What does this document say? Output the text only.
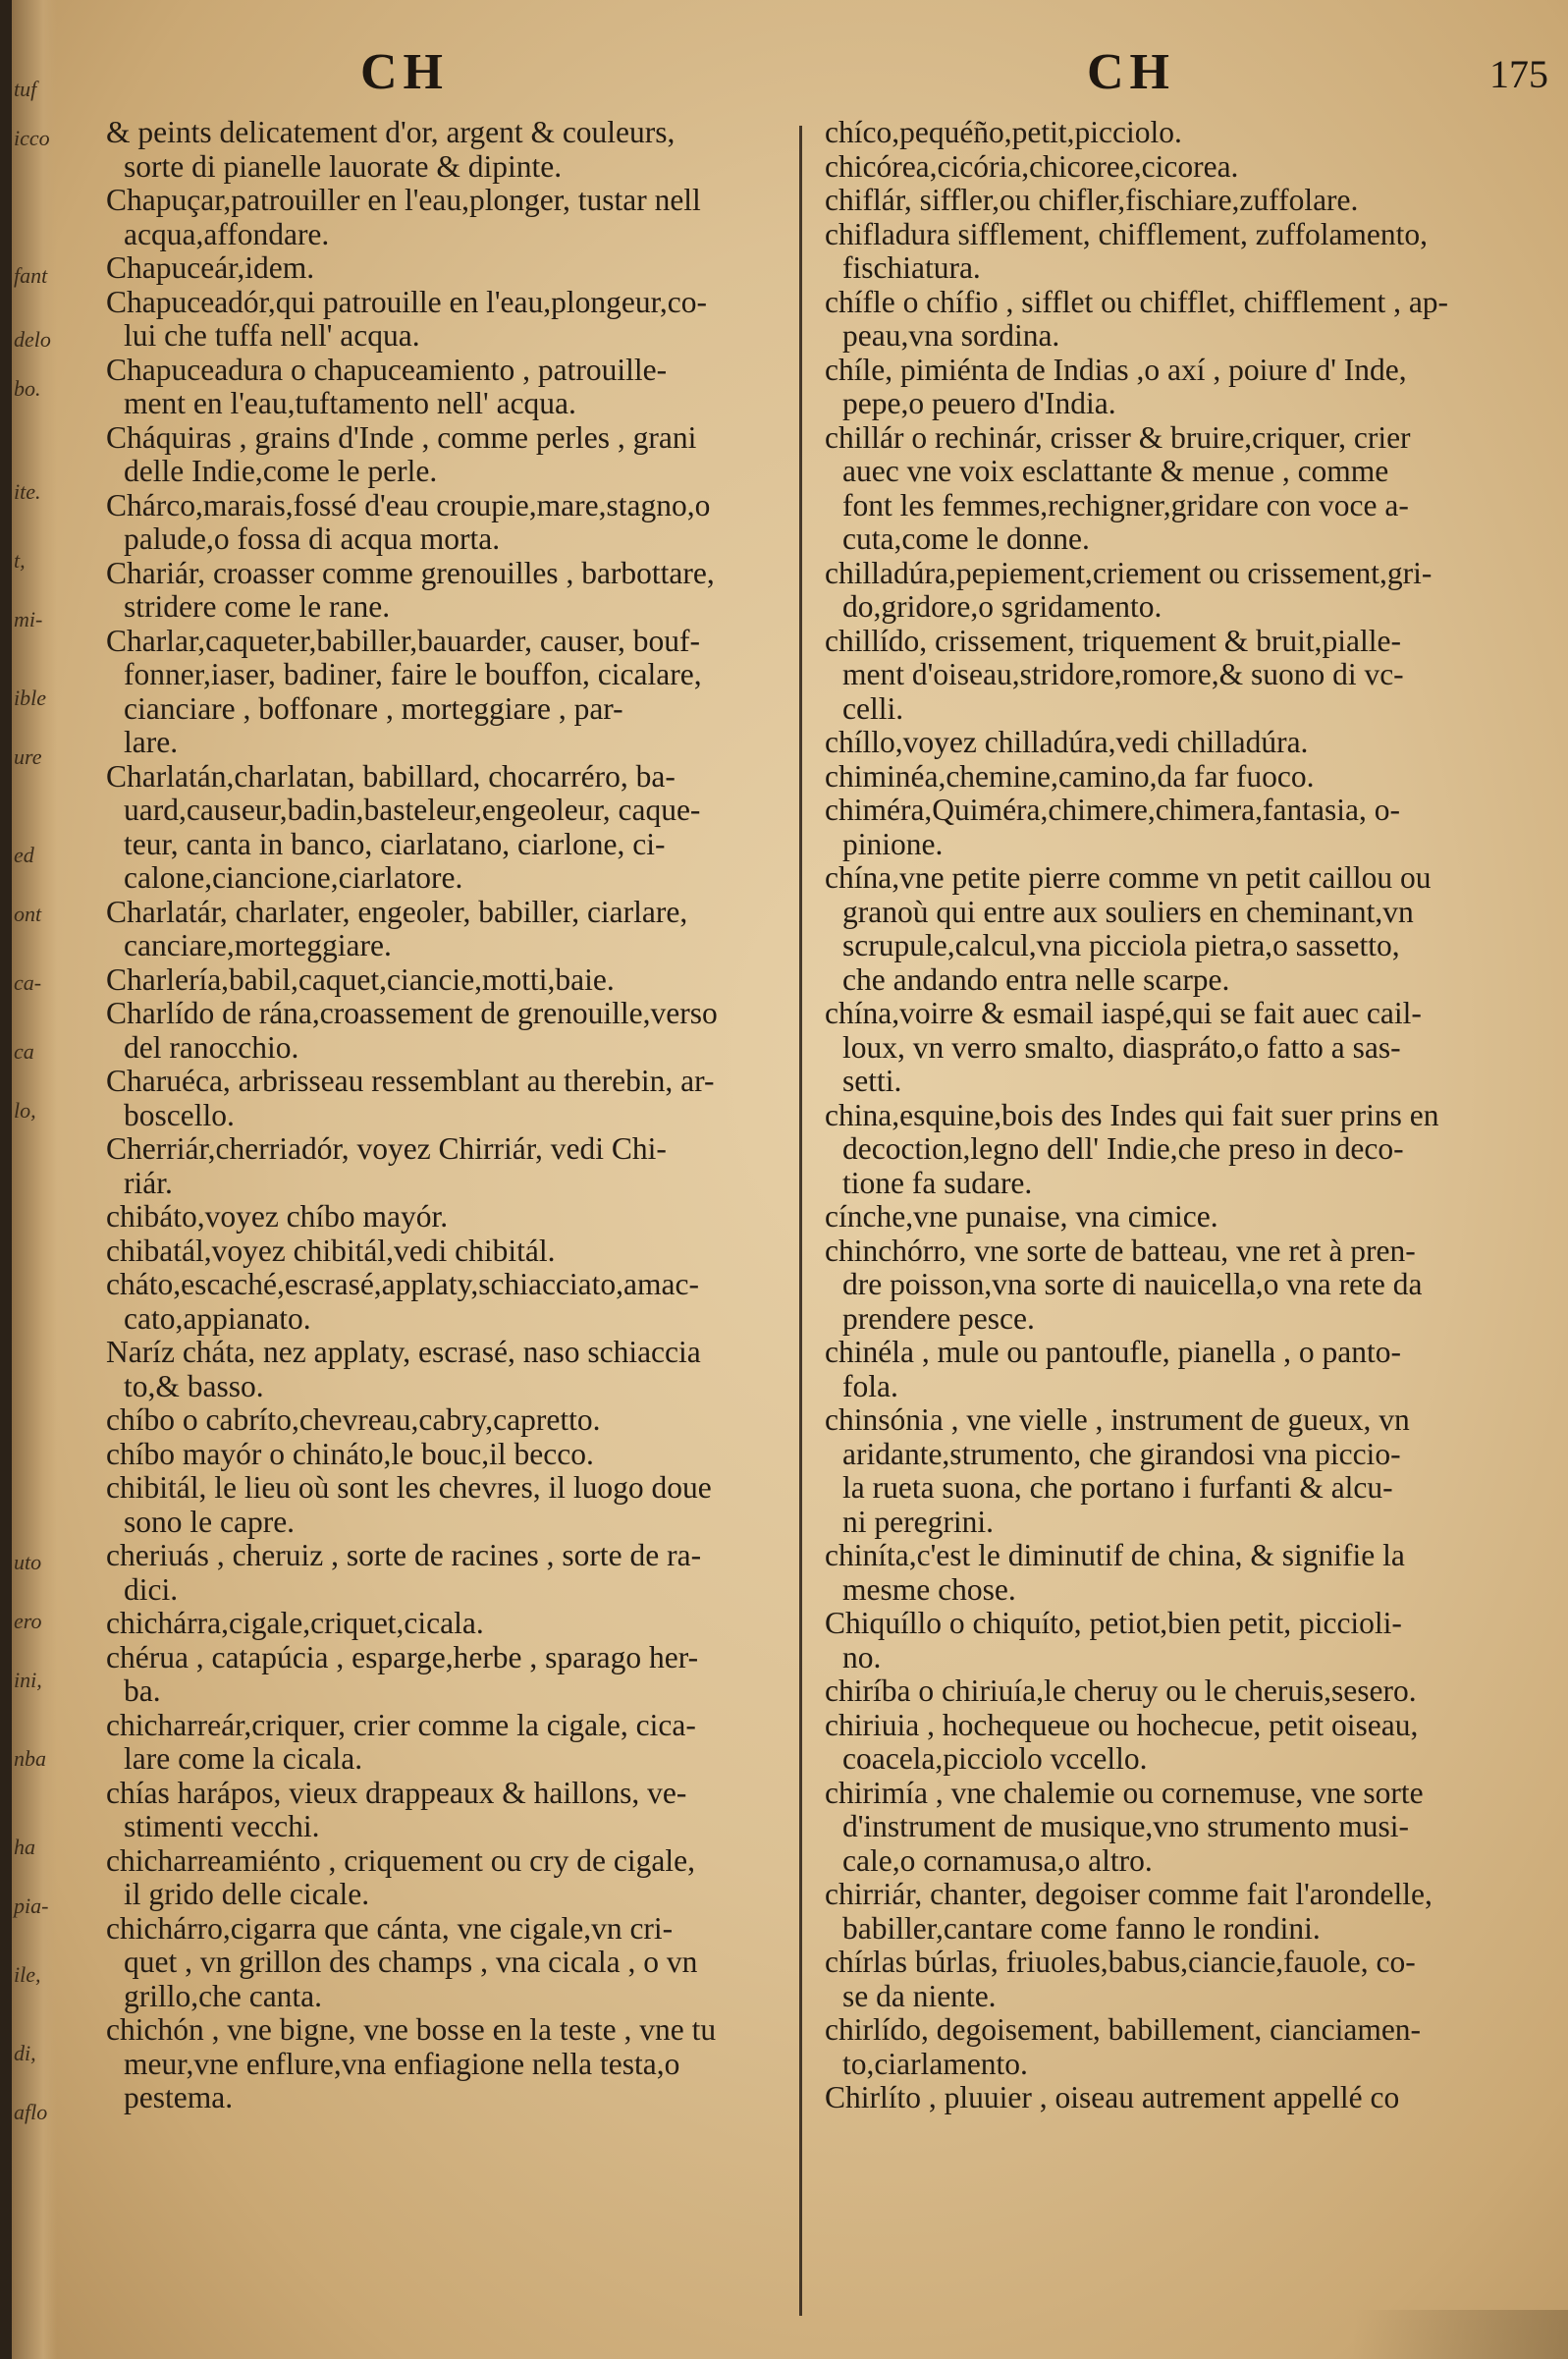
tuf
icco
fant
delo
bo.
ite.
t,
mi-
ible
ure
ed
ont
ca-
ca
lo,
uto
ero
ini,
nba
ha
pia-
ile,
di,
aflo
CH	CH	175
& peints delicatement d'or, argent & couleurs,
sorte di pianelle lauorate & dipinte.
Chapuçar,patrouiller en l'eau,plonger, tustar nell
acqua,affondare.
Chapuceár,idem.
Chapuceadór,qui patrouille en l'eau,plongeur,co-
lui che tuffa nell' acqua.
Chapuceadura o chapuceamiento , patrouille-
ment en l'eau,tuftamento nell' acqua.
Cháquiras , grains d'Inde , comme perles , grani
delle Indie,come le perle.
Chárco,marais,fossé d'eau croupie,mare,stagno,o
palude,o fossa di acqua morta.
Chariár, croasser comme grenouilles , barbottare,
stridere come le rane.
Charlar,caqueter,babiller,bauarder, causer, bouf-
fonner,iaser, badiner, faire le bouffon, cicalare,
cianciare , boffonare , morteggiare , par-
lare.
Charlatán,charlatan, babillard, chocarréro, ba-
uard,causeur,badin,basteleur,engeoleur, caque-
teur, canta in banco, ciarlatano, ciarlone, ci-
calone,ciancione,ciarlatore.
Charlatár, charlater, engeoler, babiller, ciarlare,
canciare,morteggiare.
Charlería,babil,caquet,ciancie,motti,baie.
Charlído de rána,croassement de grenouille,verso
del ranocchio.
Charuéca, arbrisseau ressemblant au therebin, ar-
boscello.
Cherriár,cherriadór, voyez Chirriár, vedi Chi-
riár.
chibáto,voyez chíbo mayór.
chibatál,voyez chibitál,vedi chibitál.
cháto,escaché,escrasé,applaty,schiacciato,amac-
cato,appianato.
Naríz cháta, nez applaty, escrasé, naso schiaccia
to,& basso.
chíbo o cabríto,chevreau,cabry,capretto.
chíbo mayór o chináto,le bouc,il becco.
chibitál, le lieu où sont les chevres, il luogo doue
sono le capre.
cheriuás , cheruiz , sorte de racines , sorte de ra-
dici.
chichárra,cigale,criquet,cicala.
chérua , catapúcia , esparge,herbe , sparago her-
ba.
chicharreár,criquer, crier comme la cigale, cica-
lare come la cicala.
chías harápos, vieux drappeaux & haillons, ve-
stimenti vecchi.
chicharreamiénto , criquement ou cry de cigale,
il grido delle cicale.
chichárro,cigarra que cánta, vne cigale,vn cri-
quet , vn grillon des champs , vna cicala , o vn
grillo,che canta.
chichón , vne bigne, vne bosse en la teste , vne tu
meur,vne enflure,vna enfiagione nella testa,o
pestema.
chíco,pequéño,petit,picciolo.
chicórea,cicória,chicoree,cicorea.
chiflár, siffler,ou chifler,fischiare,zuffolare.
chifladura sifflement, chifflement, zuffolamento,
fischiatura.
chífle o chífio , sifflet ou chifflet, chifflement , ap-
peau,vna sordina.
chíle, pimiénta de Indias ,o axí , poiure d' Inde,
pepe,o peuero d'India.
chillár o rechinár, crisser & bruire,criquer, crier
auec vne voix esclattante & menue , comme
font les femmes,rechigner,gridare con voce a-
cuta,come le donne.
chilladúra,pepiement,criement ou crissement,gri-
do,gridore,o sgridamento.
chillído, crissement, triquement & bruit,pialle-
ment d'oiseau,stridore,romore,& suono di vc-
celli.
chíllo,voyez chilladúra,vedi chilladúra.
chiminéa,chemine,camino,da far fuoco.
chiméra,Quiméra,chimere,chimera,fantasia, o-
pinione.
chína,vne petite pierre comme vn petit caillou ou
granoù qui entre aux souliers en cheminant,vn
scrupule,calcul,vna picciola pietra,o sassetto,
che andando entra nelle scarpe.
chína,voirre & esmail iaspé,qui se fait auec cail-
loux, vn verro smalto, diaspráto,o fatto a sas-
setti.
china,esquine,bois des Indes qui fait suer prins en
decoction,legno dell' Indie,che preso in deco-
tione fa sudare.
cínche,vne punaise, vna cimice.
chinchórro, vne sorte de batteau, vne ret à pren-
dre poisson,vna sorte di nauicella,o vna rete da
prendere pesce.
chinéla , mule ou pantoufle, pianella , o panto-
fola.
chinsónia , vne vielle , instrument de gueux, vn
aridante,strumento, che girandosi vna piccio-
la rueta suona, che portano i furfanti & alcu-
ni peregrini.
chiníta,c'est le diminutif de china, & signifie la
mesme chose.
Chiquíllo o chiquíto, petiot,bien petit, piccioli-
no.
chiríba o chiriuía,le cheruy ou le cheruis,sesero.
chiriuia , hochequeue ou hochecue, petit oiseau,
coacela,picciolo vccello.
chirimía , vne chalemie ou cornemuse, vne sorte
d'instrument de musique,vno strumento musi-
cale,o cornamusa,o altro.
chirriár, chanter, degoiser comme fait l'arondelle,
babiller,cantare come fanno le rondini.
chírlas búrlas, friuoles,babus,ciancie,fauole, co-
se da niente.
chirlído, degoisement, babillement, cianciamen-
to,ciarlamento.
Chirlíto , pluuier , oiseau autrement appellé co
